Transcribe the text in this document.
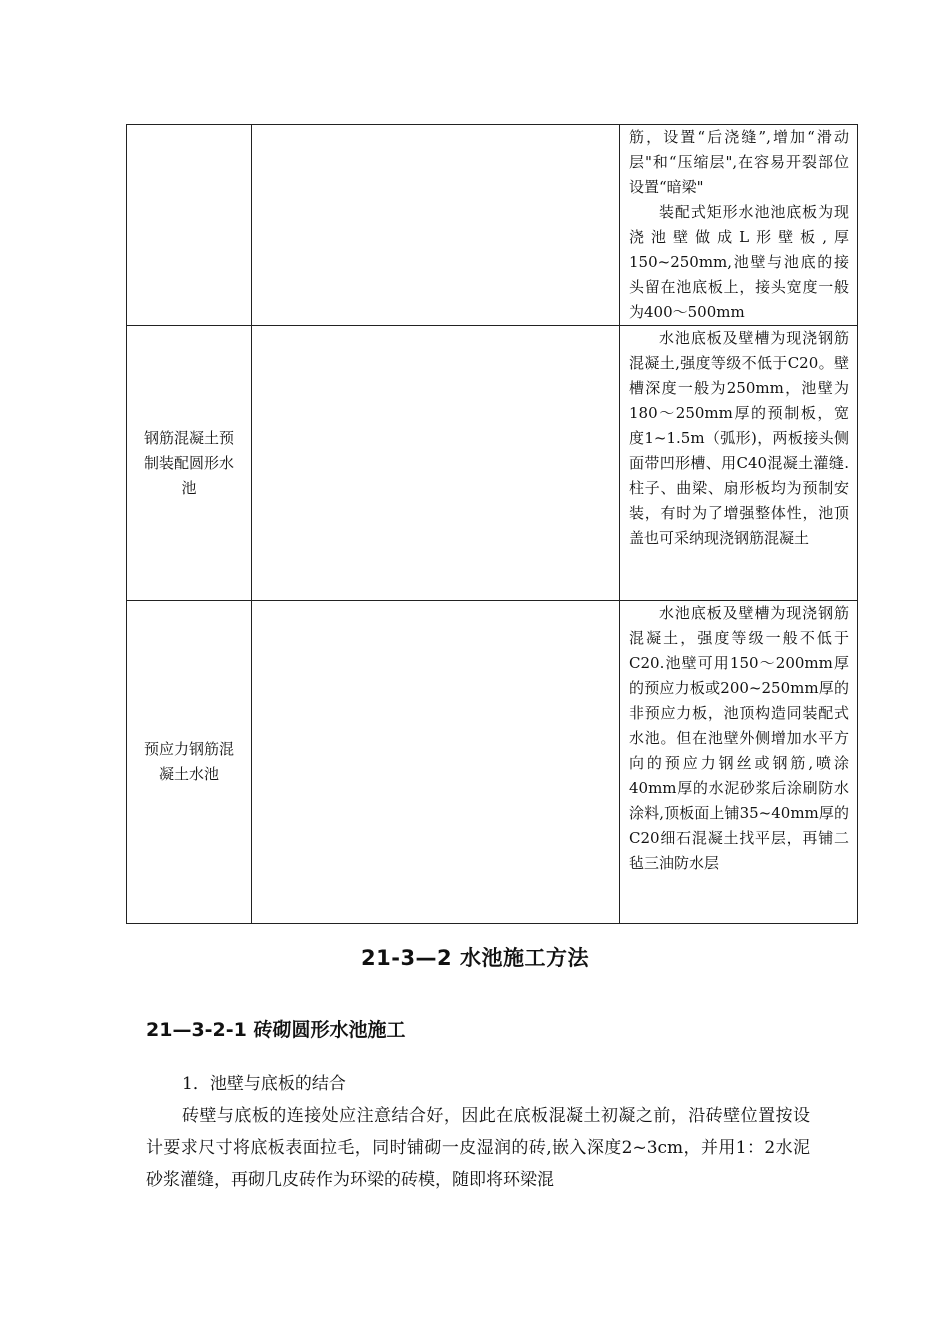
		筋，设置“后浇缝”,增加“滑动层"和“压缩层",在容易开裂部位设置“暗梁"
装配式矩形水池池底板为现浇池壁做成L形壁板,厚150~250mm,池壁与池底的接头留在池底板上，接头宽度一般为400～500mm

钢筋混凝土预制装配圆形水池		水池底板及壁槽为现浇钢筋混凝土,强度等级不低于C20。壁槽深度一般为250mm，池壁为180～250mm厚的预制板，宽度1~1.5m（弧形)，两板接头侧面带凹形槽、用C40混凝土灌缝.柱子、曲梁、扇形板均为预制安装，有时为了增强整体性，池顶盖也可采纳现浇钢筋混凝土

预应力钢筋混凝土水池		水池底板及壁槽为现浇钢筋混凝土，强度等级一般不低于C20.池壁可用150～200mm厚的预应力板或200~250mm厚的非预应力板，池顶构造同装配式水池。但在池壁外侧增加水平方向的预应力钢丝或钢筋,喷涂40mm厚的水泥砂浆后涂刷防水涂料,顶板面上铺35~40mm厚的C20细石混凝土找平层，再铺二毡三油防水层
21-3—2 水池施工方法
21—3-2-1 砖砌圆形水池施工
1．池壁与底板的结合
砖壁与底板的连接处应注意结合好，因此在底板混凝土初凝之前，沿砖壁位置按设计要求尺寸将底板表面拉毛，同时铺砌一皮湿润的砖,嵌入深度2~3cm，并用1：2水泥砂浆灌缝，再砌几皮砖作为环梁的砖模，随即将环梁混
